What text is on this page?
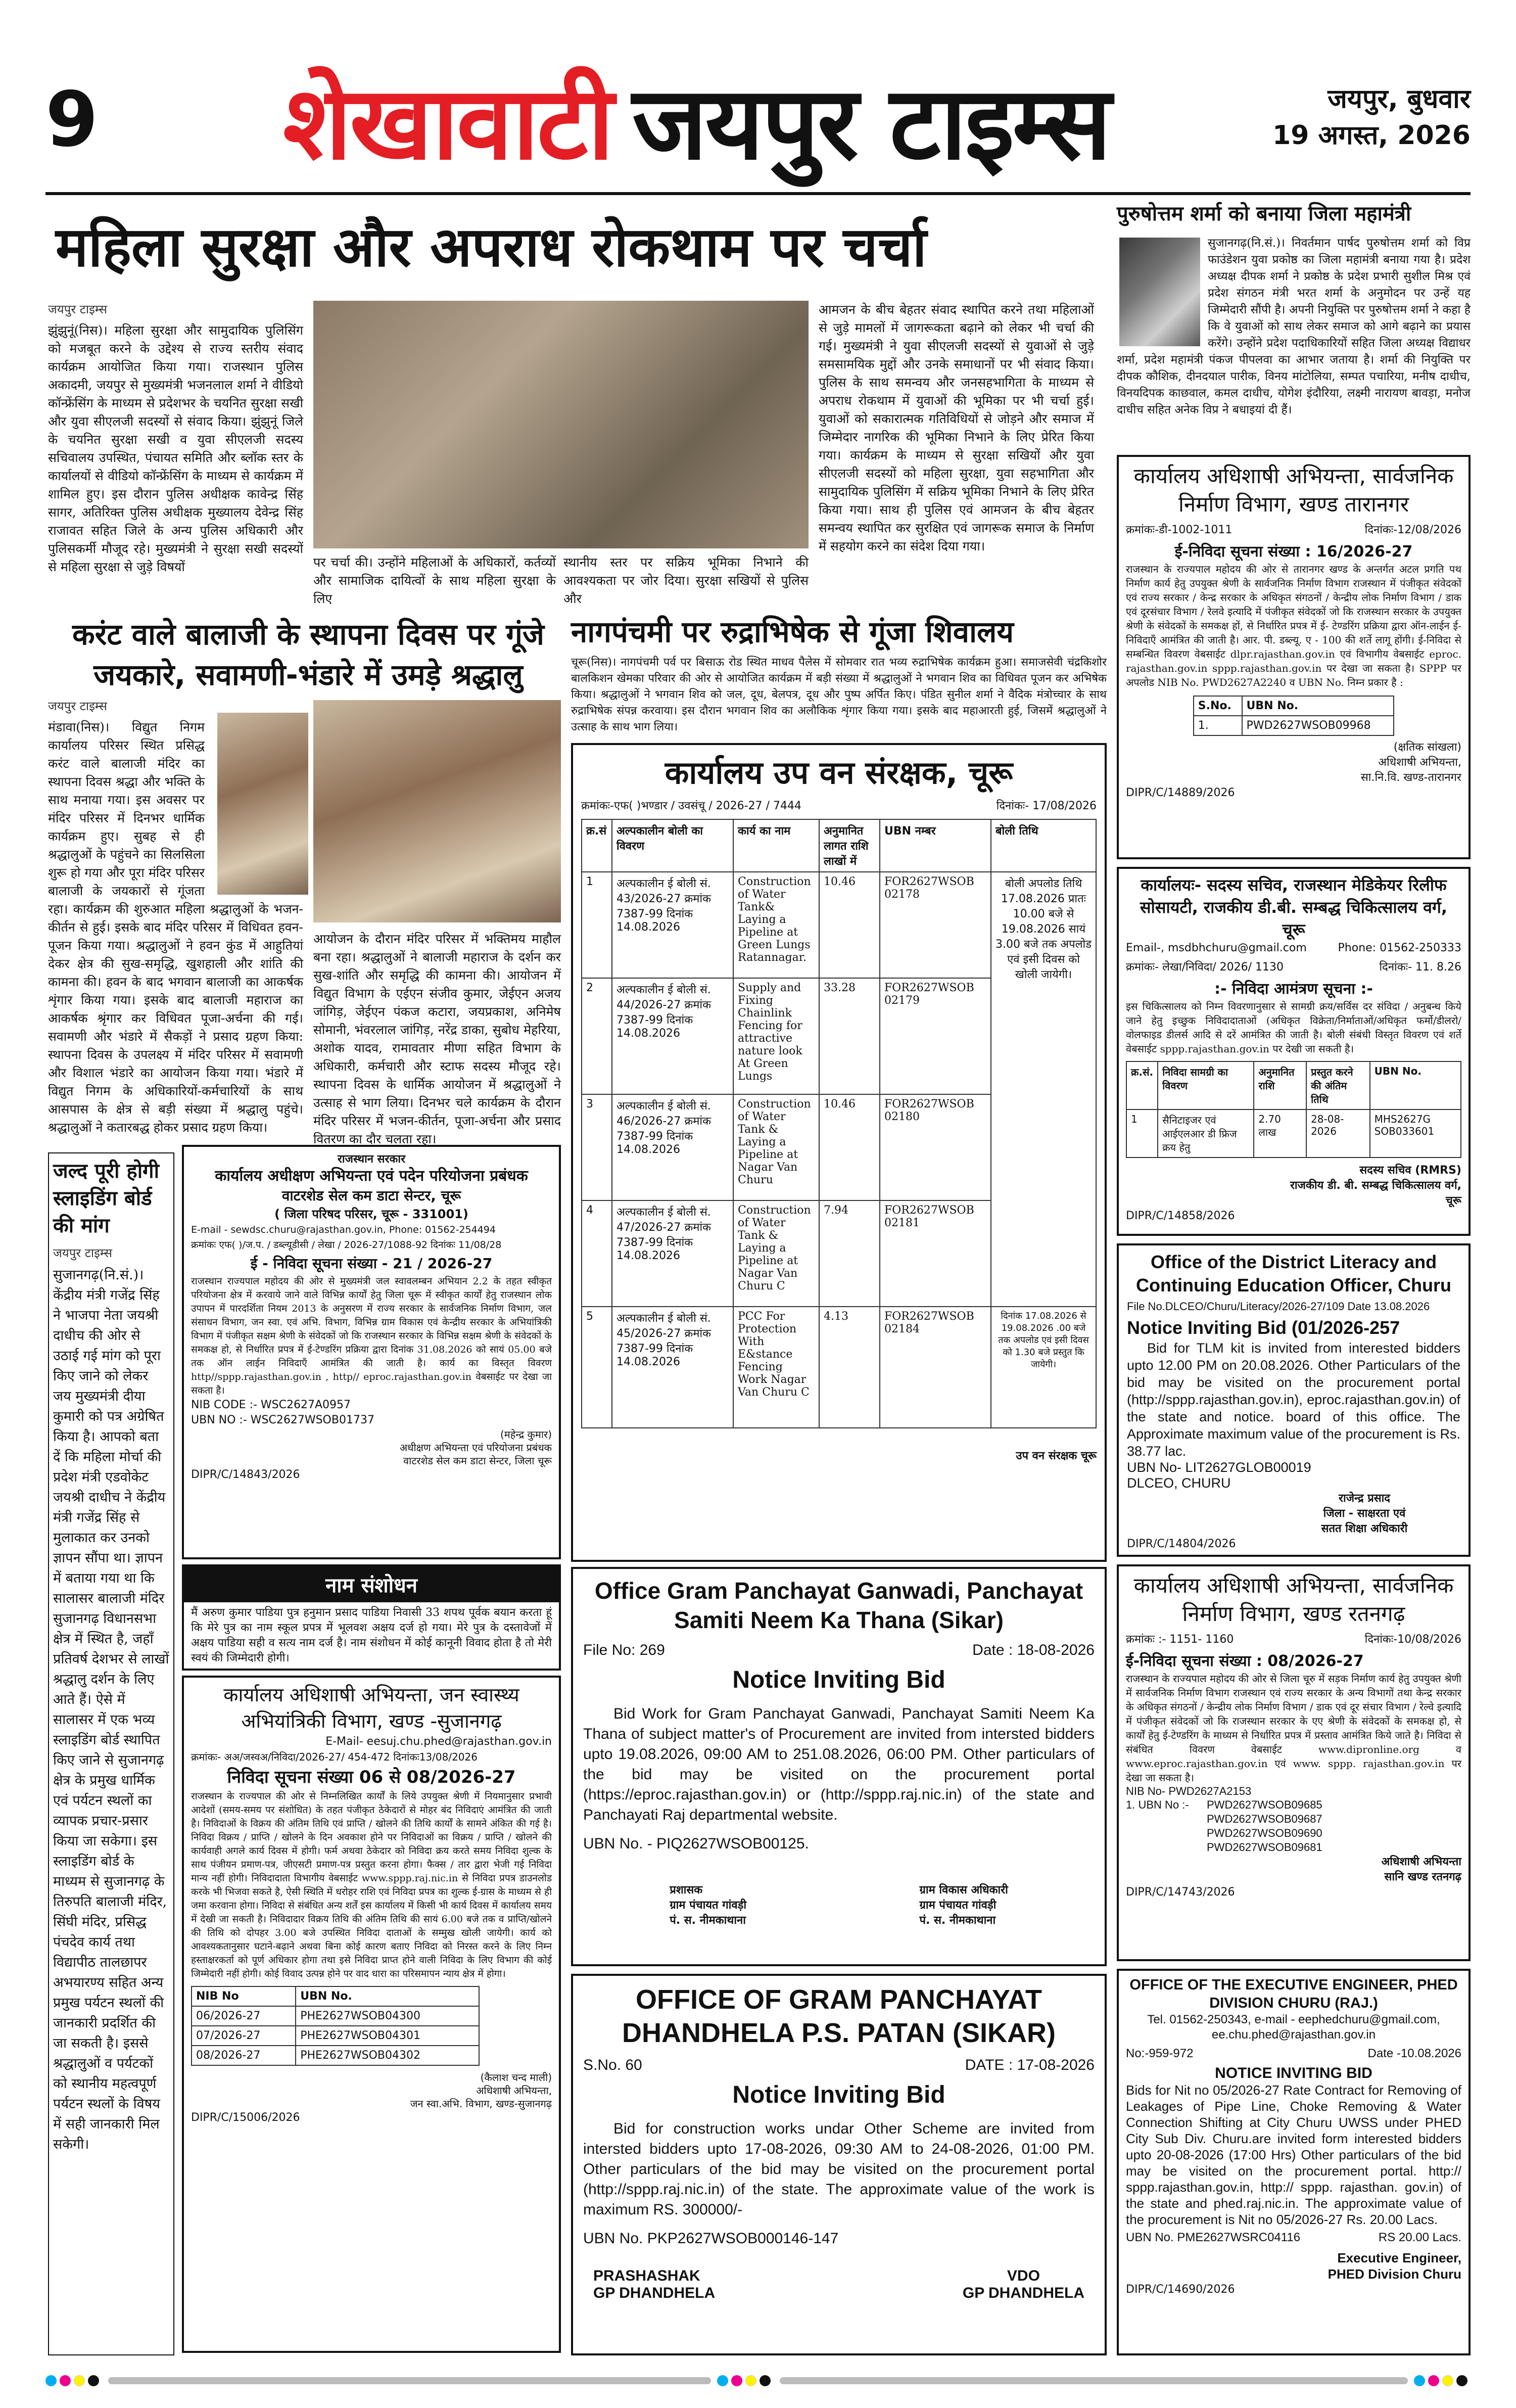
9 शेखावाटी जयपुर टाइम्स	जयपुर, बुधवार
19 अगस्त, 2026
महिला सुरक्षा और अपराध रोकथाम पर चर्चा
जयपुर टाइम्स
झुंझुनूं(निस)। महिला सुरक्षा और सामुदायिक पुलिसिंग को मजबूत करने के उद्देश्य से राज्य स्तरीय संवाद कार्यक्रम आयोजित किया गया। राजस्थान पुलिस अकादमी, जयपुर से मुख्यमंत्री भजनलाल शर्मा ने वीडियो कॉन्फ्रेंसिंग के माध्यम से प्रदेशभर के चयनित सुरक्षा सखी और युवा सीएलजी सदस्यों से संवाद किया। झुंझुनूं जिले के चयनित सुरक्षा सखी व युवा सीएलजी सदस्य सचिवालय उपस्थित, पंचायत समिति और ब्लॉक स्तर के कार्यालयों से वीडियो कॉन्फ्रेंसिंग के माध्यम से कार्यक्रम में शामिल हुए। इस दौरान पुलिस अधीक्षक कावेन्द्र सिंह सागर, अतिरिक्त पुलिस अधीक्षक मुख्यालय देवेन्द्र सिंह राजावत सहित जिले के अन्य पुलिस अधिकारी और पुलिसकर्मी मौजूद रहे। मुख्यमंत्री ने सुरक्षा सखी सदस्यों से महिला सुरक्षा से जुड़े विषयों	पर चर्चा की। उन्होंने महिलाओं के अधिकारों, कर्तव्यों और सामाजिक दायित्वों के साथ महिला सुरक्षा के लिए
स्थानीय स्तर पर सक्रिय भूमिका निभाने की आवश्यकता पर जोर दिया। सुरक्षा सखियों से पुलिस और
आमजन के बीच बेहतर संवाद स्थापित करने तथा महिलाओं से जुड़े मामलों में जागरूकता बढ़ाने को लेकर भी चर्चा की गई। मुख्यमंत्री ने युवा सीएलजी सदस्यों से युवाओं से जुड़े समसामयिक मुद्दों और उनके समाधानों पर भी संवाद किया। पुलिस के साथ समन्वय और जनसहभागिता के माध्यम से अपराध रोकथाम में युवाओं की भूमिका पर भी चर्चा हुई। युवाओं को सकारात्मक गतिविधियों से जोड़ने और समाज में जिम्मेदार नागरिक की भूमिका निभाने के लिए प्रेरित किया गया। कार्यक्रम के माध्यम से सुरक्षा सखियों और युवा सीएलजी सदस्यों को महिला सुरक्षा, युवा सहभागिता और सामुदायिक पुलिसिंग में सक्रिय भूमिका निभाने के लिए प्रेरित किया गया। साथ ही पुलिस एवं आमजन के बीच बेहतर समन्वय स्थापित कर सुरक्षित एवं जागरूक समाज के निर्माण में सहयोग करने का संदेश दिया गया।
पुरुषोत्तम शर्मा को बनाया जिला महामंत्री
सुजानगढ़(नि.सं.)। निवर्तमान पार्षद पुरुषोत्तम शर्मा को विप्र फाउंडेशन युवा प्रकोष्ठ का जिला महामंत्री बनाया गया है। प्रदेश अध्यक्ष दीपक शर्मा ने प्रकोष्ठ के प्रदेश प्रभारी सुशील मिश्र एवं प्रदेश संगठन मंत्री भरत शर्मा के अनुमोदन पर उन्हें यह जिम्मेदारी सौंपी है। अपनी नियुक्ति पर पुरुषोत्तम शर्मा ने कहा है कि वे युवाओं को साथ लेकर समाज को आगे बढ़ाने का प्रयास करेंगे। उन्होंने प्रदेश पदाधिकारियों सहित जिला अध्यक्ष विद्याधर शर्मा, प्रदेश महामंत्री पंकज पीपलवा का आभार जताया है। शर्मा की नियुक्ति पर दीपक कौशिक, दीनदयाल पारीक, विनय मांटोलिया, सम्पत पचारिया, मनीष दाधीच, विनयदिपक काछवाल, कमल दाधीच, योगेश इंदौरिया, लक्ष्मी नारायण बावड़ा, मनोज दाधीच सहित अनेक विप्र ने बधाइयां दी हैं।
करंट वाले बालाजी के स्थापना दिवस पर गूंजे जयकारे, सवामणी-भंडारे में उमड़े श्रद्धालु
जयपुर टाइम्स
मंडावा(निस)। विद्युत निगम कार्यालय परिसर स्थित प्रसिद्ध करंट वाले बालाजी मंदिर का स्थापना दिवस श्रद्धा और भक्ति के साथ मनाया गया। इस अवसर पर मंदिर परिसर में दिनभर धार्मिक कार्यक्रम हुए। सुबह से ही श्रद्धालुओं के पहुंचने का सिलसिला शुरू हो गया और पूरा मंदिर परिसर बालाजी के जयकारों से गूंजता रहा। कार्यक्रम की शुरुआत महिला श्रद्धालुओं के भजन-कीर्तन से हुई। इसके बाद मंदिर परिसर में विधिवत हवन-पूजन किया गया। श्रद्धालुओं ने हवन कुंड में आहुतियां देकर क्षेत्र की सुख-समृद्धि, खुशहाली और शांति की कामना की। हवन के बाद भगवान बालाजी का आकर्षक शृंगार किया गया। इसके बाद बालाजी महाराज का आकर्षक श्रृंगार कर विधिवत पूजा-अर्चना की गई। सवामणी और भंडारे में सैकड़ों ने प्रसाद ग्रहण किया: स्थापना दिवस के उपलक्ष्य में मंदिर परिसर में सवामणी और विशाल भंडारे का आयोजन किया गया। भंडारे में विद्युत निगम के अधिकारियों-कर्मचारियों के साथ आसपास के क्षेत्र से बड़ी संख्या में श्रद्धालु पहुंचे। श्रद्धालुओं ने कतारबद्ध होकर प्रसाद ग्रहण किया।
आयोजन के दौरान मंदिर परिसर में भक्तिमय माहौल बना रहा। श्रद्धालुओं ने बालाजी महाराज के दर्शन कर सुख-शांति और समृद्धि की कामना की। आयोजन में विद्युत विभाग के एईएन संजीव कुमार, जेईएन अजय जांगिड़, जेईएन पंकज कटारा, जयप्रकाश, अनिमेष सोमानी, भंवरलाल जांगिड़, नरेंद्र डाका, सुबोध मेहरिया, अशोक यादव, रामावतार मीणा सहित विभाग के अधिकारी, कर्मचारी और स्टाफ सदस्य मौजूद रहे। स्थापना दिवस के धार्मिक आयोजन में श्रद्धालुओं ने उत्साह से भाग लिया। दिनभर चले कार्यक्रम के दौरान मंदिर परिसर में भजन-कीर्तन, पूजा-अर्चना और प्रसाद वितरण का दौर चलता रहा।
नागपंचमी पर रुद्राभिषेक से गूंजा शिवालय
चूरू(निस)। नागपंचमी पर्व पर बिसाऊ रोड स्थित माधव पैलेस में सोमवार रात भव्य रुद्राभिषेक कार्यक्रम हुआ। समाजसेवी चंद्रकिशोर बालकिशन खेमका परिवार की ओर से आयोजित कार्यक्रम में बड़ी संख्या में श्रद्धालुओं ने भगवान शिव का विधिवत पूजन कर अभिषेक किया। श्रद्धालुओं ने भगवान शिव को जल, दूध, बेलपत्र, दूध और पुष्प अर्पित किए। पंडित सुनील शर्मा ने वैदिक मंत्रोच्चार के साथ रुद्राभिषेक संपन्न करवाया। इस दौरान भगवान शिव का अलौकिक शृंगार किया गया। इसके बाद महाआरती हुई, जिसमें श्रद्धालुओं ने उत्साह के साथ भाग लिया।
कार्यालय उप वन संरक्षक, चूरू
क्रमांकः-एफ( )भण्डार / उवसंचू / 2026-27 / 7444	दिनांकः- 17/08/2026
क्र.सं	अल्पकालीन बोली का विवरण	कार्य का नाम	अनुमानित लागत राशि लाखों में	UBN नम्बर	बोली तिथि
1	अल्पकालीन ई बोली सं. 43/2026-27 क्रमांक 7387-99 दिनांक 14.08.2026	Construction of Water Tank& Laying a Pipeline at Green Lungs Ratannagar.	10.46	FOR2627WSOB 02178	बोली अपलोड तिथि 17.08.2026 प्रातः 10.00 बजे से 19.08.2026 सायं 3.00 बजे तक अपलोड एवं इसी दिवस को खोली जायेगी।
2	अल्पकालीन ई बोली सं. 44/2026-27 क्रमांक 7387-99 दिनांक 14.08.2026	Supply and Fixing Chainlink Fencing for attractive nature look At Green Lungs	33.28	FOR2627WSOB 02179	
3	अल्पकालीन ई बोली सं. 46/2026-27 क्रमांक 7387-99 दिनांक 14.08.2026	Construction of Water Tank & Laying a Pipeline at Nagar Van Churu	10.46	FOR2627WSOB 02180	
4	अल्पकालीन ई बोली सं. 47/2026-27 क्रमांक 7387-99 दिनांक 14.08.2026	Construction of Water Tank & Laying a Pipeline at Nagar Van Churu C	7.94	FOR2627WSOB 02181	
5	अल्पकालीन ई बोली सं. 45/2026-27 क्रमांक 7387-99 दिनांक 14.08.2026	PCC For Protection With E&stance Fencing Work Nagar Van Churu C	4.13	FOR2627WSOB 02184	दिनांक 17.08.2026 से 19.08.2026 .00 बजे तक अपलोड एवं इसी दिवस को 1.30 बजे प्रस्तुत कि जायेगी।
उप वन संरक्षक चूरू
कार्यालय अधिशाषी अभियन्ता, सार्वजनिक निर्माण विभाग, खण्ड तारानगर
क्रमांकः-डी-1002-1011	दिनांकः-12/08/2026
ई-निविदा सूचना संख्या : 16/2026-27
राजस्थान के राज्यपाल महोदय की ओर से तारानगर खण्ड के अन्तर्गत अटल प्रगति पथ निर्माण कार्य हेतु उपयुक्त श्रेणी के सार्वजनिक निर्माण विभाग राजस्थान में पंजीकृत संवेदकों एवं राज्य सरकार / केन्द्र सरकार के अधिकृत संगठनों / केन्द्रीय लोक निर्माण विभाग / डाक एवं दूरसंचार विभाग / रेलवे इत्यादि में पंजीकृत संवेदकों जो कि राजस्थान सरकार के उपयुक्त श्रेणी के संवेदकों के समकक्ष हों, से निर्धारित प्रपत्र में ई- टेण्डरिंग प्रक्रिया द्वारा ऑन-लाईन ई-निविदाएँ आमंत्रित की जाती है। आर. पी. डब्ल्यू. ए - 100 की शर्ते लागू होंगी। ई-निविदा से सम्बन्धित विवरण वेबसाईट dlpr.rajasthan.gov.in एवं विभागीय वेबसाईट eproc. rajasthan.gov.in sppp.rajasthan.gov.in पर देखा जा सकता है। SPPP पर अपलोड NIB No. PWD2627A2240 व UBN No. निम्न प्रकार है :
S.No.	UBN No.
1.	PWD2627WSOB09968
(क्षतिक सांखला)
अधिशाषी अभियन्ता,
सा.नि.वि. खण्ड-तारानगर
DIPR/C/14889/2026
कार्यालयः- सदस्य सचिव, राजस्थान मेडिकेयर रिलीफ सोसायटी, राजकीय डी.बी. सम्बद्ध चिकित्सालय वर्ग, चूरू
Email-, msdbhchuru@gmail.com	Phone: 01562-250333
क्रमांकः- लेखा/निविदा/ 2026/ 1130	दिनांकः- 11. 8.26
:- निविदा आमंत्रण सूचना :-
इस चिकित्सालय को निम्न विवरणानुसार से सामग्री क्रय/सर्विस दर संविदा / अनुबन्ध किये जाने हेतु इच्छुक निविदादाताओं (अधिकृत विक्रेता/निर्माताओं/अधिकृत फर्मो/डीलरो/ वोलफाइड डीलर्स आदि से दरें आमंत्रित की जाती है। बोली संबंधी विस्तृत विवरण एवं शर्ते वेबसाईट sppp.rajasthan.gov.in पर देखी जा सकती है।
क्र.सं.	निविदा सामग्री का विवरण	अनुमानित राशि	प्रस्तुत करने की अंतिम तिथि	UBN No.
1	सैनिटाइजर एवं आईएलआर डी फ्रिज क्रय हेतु	2.70 लाख	28-08-2026	MHS2627G SOB033601
सदस्य सचिव (RMRS)
राजकीय डी. बी. सम्बद्ध चिकित्सालय वर्ग,
चूरू
DIPR/C/14858/2026
जल्द पूरी होगी स्लाइडिंग बोर्ड की मांग
जयपुर टाइम्स
सुजानगढ़(नि.सं.)। केंद्रीय मंत्री गजेंद्र सिंह ने भाजपा नेता जयश्री दाधीच की ओर से उठाई गई मांग को पूरा किए जाने को लेकर जय मुख्यमंत्री दीया कुमारी को पत्र अग्रेषित किया है। आपको बता दें कि महिला मोर्चा की प्रदेश मंत्री एडवोकेट जयश्री दाधीच ने केंद्रीय मंत्री गजेंद्र सिंह से मुलाकात कर उनको ज्ञापन सौंपा था। ज्ञापन में बताया गया था कि सालासर बालाजी मंदिर सुजानगढ़ विधानसभा क्षेत्र में स्थित है, जहाँ प्रतिवर्ष देशभर से लाखों श्रद्धालु दर्शन के लिए आते हैं। ऐसे में सालासर में एक भव्य स्लाइडिंग बोर्ड स्थापित किए जाने से सुजानगढ़ क्षेत्र के प्रमुख धार्मिक एवं पर्यटन स्थलों का व्यापक प्रचार-प्रसार किया जा सकेगा। इस स्लाइडिंग बोर्ड के माध्यम से सुजानगढ़ के तिरुपति बालाजी मंदिर, सिंघी मंदिर, प्रसिद्ध पंचदेव कार्य तथा विद्यापीठ तालछापर अभयारण्य सहित अन्य प्रमुख पर्यटन स्थलों की जानकारी प्रदर्शित की जा सकती है। इससे श्रद्धालुओं व पर्यटकों को स्थानीय महत्वपूर्ण पर्यटन स्थलों के विषय में सही जानकारी मिल सकेगी।
राजस्थान सरकार
कार्यालय अधीक्षण अभियन्ता एवं पदेन परियोजना प्रबंधक
वाटरशेड सेल कम डाटा सेन्टर, चूरू
( जिला परिषद परिसर, चूरू - 331001)
E-mail - sewdsc.churu@rajasthan.gov.in, Phone: 01562-254494
क्रमांकः एफ( )/ज.प. / डब्ल्यूडीसी / लेखा / 2026-27/1088-92 दिनांकः 11/08/28
ई - निविदा सूचना संख्या - 21 / 2026-27
राजस्थान राज्यपाल महोदय की ओर से मुख्यमंत्री जल स्वावलम्बन अभियान 2.2 के तहत स्वीकृत परियोजना क्षेत्र में करवाये जाने वाले विभिन्न कार्यों हेतु जिला चूरू में स्वीकृत कार्यों हेतु राजस्थान लोक उपापन में पारदर्शिता नियम 2013 के अनुसरण में राज्य सरकार के सार्वजनिक निर्माण विभाग, जल संसाधन विभाग, जन स्वा. एवं अभि. विभाग, विभिन्न ग्राम विकास एवं केन्द्रीय सरकार के अभियांत्रिकी विभाग में पंजीकृत सक्षम श्रेणी के संवेदकों जो कि राजस्थान सरकार के विभिन्न सक्षम श्रेणी के संवेदकों के समकक्ष हो, से निर्धारित प्रपत्र में ई-टेण्डरिंग प्रक्रिया द्वारा दिनांक 31.08.2026 को सायं 05.00 बजे तक ऑन लाईन निविदाएँ आमंत्रित की जाती है। कार्य का विस्तृत विवरण http//sppp.rajasthan.gov.in , http// eproc.rajasthan.gov.in वेबसाईट पर देखा जा सकता है।
NIB CODE :- WSC2627A0957
UBN NO :- WSC2627WSOB01737
(महेन्द्र कुमार)
अधीक्षण अभियन्ता एवं परियोजना प्रबंधक
वाटरशेड सेल कम डाटा सेन्टर, जिला चूरू
DIPR/C/14843/2026
नाम संशोधन
मैं अरुण कुमार पाडिया पुत्र हनुमान प्रसाद पाडिया निवासी 33 शपथ पूर्वक बयान करता हूं कि मेरे पुत्र का नाम स्कूल प्रपत्र में भूलवश अक्षय दर्ज हो गया। मेरे पुत्र के दस्तावेजों में अक्षय पाडिया सही व सत्य नाम दर्ज है। नाम संशोधन में कोई कानूनी विवाद होता है तो मेरी स्वयं की जिम्मेदारी होगी।
कार्यालय अधिशाषी अभियन्ता, जन स्वास्थ्य अभियांत्रिकी विभाग, खण्ड -सुजानगढ़
E-Mail- eesuj.chu.phed@rajasthan.gov.in
क्रमांकः- अअ/जस्वअ/निविदा/2026-27/ 454-472 दिनांकः13/08/2026
निविदा सूचना संख्या 06 से 08/2026-27
राजस्थान के राज्यपाल की ओर से निम्नलिखित कार्यों के लिये उपयुक्त श्रेणी में नियमानुसार प्रभावी आदेशों (समय-समय पर संशोधित) के तहत पंजीकृत ठेकेदारों से मोहर बंद निविदाएं आमंत्रित की जाती है। निविदाओं के विक्रय की अंतिम तिथि एवं प्राप्ति / खोलने की तिथि कार्यों के सामने अंकित की गई है। निविदा विक्रय / प्राप्ति / खोलने के दिन अवकाश होने पर निविदाओं का विक्रय / प्राप्ति / खोलने की कार्यवाही अगले कार्य दिवस में होगी। फर्म अथवा ठेकेदार को निविदा क्रय करते समय निविदा शुल्क के साथ पंजीयन प्रमाण-पत्र, जीएसटी प्रमाण-पत्र प्रस्तुत करना होगा। फैक्स / तार द्वारा भेजी गई निविदा मान्य नहीं होगी। निविदादाता विभागीय वेबसाईट www.sppp.raj.nic.in से निविदा प्रपत्र डाउनलोड करके भी भिजवा सकते है, ऐसी स्थिति में धरोहर राशि एवं निविदा प्रपत्र का शुल्क ई-ग्रास के माध्यम से ही जमा करवाना होगा। निविदा से संबंधित अन्य शर्तें इस कार्यालय में किसी भी कार्य दिवस में कार्यालय समय में देखी जा सकती है। निविदादार विक्रय तिथि की अंतिम तिथि की सायं 6.00 बजे तक व प्राप्ति/खोलने की तिथि को दोपहर 3.00 बजे उपस्थित निविदा दाताओं के सम्मुख खोली जायेगी। कार्य को आवश्यकतानुसार घटाने-बढ़ाने अथवा बिना कोई कारण बताए निविदा को निरस्त करने के लिए निम्न हस्ताक्षरकर्ता को पूर्ण अधिकार होगा तथा इसे निविदा प्राप्त होने वाली निविदा के लिए विभाग की कोई जिम्मेदारी नहीं होगी। कोई विवाद उत्पन्न होने पर वाद धारा का परिसमापन न्याय क्षेत्र में होगा।
NIB No	UBN No.
06/2026-27	PHE2627WSOB04300
07/2026-27	PHE2627WSOB04301
08/2026-27	PHE2627WSOB04302
(कैलाश चन्द माली)
अधिशाषी अभियन्ता,
जन स्वा.अभि. विभाग, खण्ड-सुजानगढ़
DIPR/C/15006/2026
Office Gram Panchayat Ganwadi, Panchayat Samiti Neem Ka Thana (Sikar)
File No: 269	Date : 18-08-2026
Notice Inviting Bid
Bid Work for Gram Panchayat Ganwadi, Panchayat Samiti Neem Ka Thana of subject matter's of Procurement are invited from intersted bidders upto 19.08.2026, 09:00 AM to 251.08.2026, 06:00 PM. Other particulars of the bid may be visited on the procurement portal (https://eproc.rajasthan.gov.in) or (http://sppp.raj.nic.in) of the state and Panchayati Raj departmental website.
UBN No. - PIQ2627WSOB00125.
प्रशासक
ग्राम पंचायत गांवड़ी
पं. स. नीमकाथाना
ग्राम विकास अधिकारी
ग्राम पंचायत गांवड़ी
पं. स. नीमकाथाना
OFFICE OF GRAM PANCHAYAT DHANDHELA P.S. PATAN (SIKAR)
S.No. 60	DATE : 17-08-2026
Notice Inviting Bid
Bid for construction works undar Other Scheme are invited from intersted bidders upto 17-08-2026, 09:30 AM to 24-08-2026, 01:00 PM. Other particulars of the bid may be visited on the procurement portal (http://sppp.raj.nic.in) of the state. The approximate value of the work is maximum RS. 300000/-
UBN No. PKP2627WSOB000146-147
PRASHASHAK
GP DHANDHELA
VDO
GP DHANDHELA
Office of the District Literacy and Continuing Education Officer, Churu
File No.DLCEO/Churu/Literacy/2026-27/109 Date 13.08.2026
Notice Inviting Bid (01/2026-257
Bid for TLM kit is invited from interested bidders upto 12.00 PM on 20.08.2026. Other Particulars of the bid may be visited on the procurement portal (http://sppp.rajasthan.gov.in), eproc.rajasthan.gov.in) of the state and notice. board of this office. The Approximate maximum value of the procurement is Rs. 38.77 lac.
UBN No- LIT2627GLOB00019
DLCEO, CHURU
राजेन्द्र प्रसाद
जिला - साक्षरता एवं
सतत शिक्षा अधिकारी
DIPR/C/14804/2026
कार्यालय अधिशाषी अभियन्ता, सार्वजनिक निर्माण विभाग, खण्ड रतनगढ़
क्रमांकः :- 1151- 1160	दिनांकः-10/08/2026
ई-निविदा सूचना संख्या : 08/2026-27
राजस्थान के राज्यपाल महोदय की ओर से जिला चूरु में सड़क निर्माण कार्य हेतु उपयुक्त श्रेणी में सार्वजनिक निर्माण विभाग राजस्थान एवं राज्य सरकार के अन्य विभागों तथा केन्द्र सरकार के अधिकृत संगठनों / केन्द्रीय लोक निर्माण विभाग / डाक एवं दूर संचार विभाग / रेल्वे इत्यादि में पंजीकृत संवेदकों जो कि राजस्थान सरकार के एए श्रेणी के संवेदकों के समकक्ष हो, से कार्यों हेतु ई-टेण्डरिंग के माध्यम से निर्धारित प्रपत्र में प्रस्ताव आमंत्रित किये जाते है। निविदा से संबंधित विवरण वेबसाईट www.dipronline.org व www.eproc.rajasthan.gov.in एवं www. sppp. rajasthan.gov.in पर देखा जा सकता है।
NIB No- PWD2627A2153
1. UBN No :-	PWD2627WSOB09685
PWD2627WSOB09687
PWD2627WSOB09690
PWD2627WSOB09681
अधिशाषी अभियन्ता
सानि खण्ड रतनगढ़
DIPR/C/14743/2026
OFFICE OF THE EXECUTIVE ENGINEER, PHED DIVISION CHURU (RAJ.)
Tel. 01562-250343, e-mail - eephedchuru@gmail.com, ee.chu.phed@rajasthan.gov.in
No:-959-972	Date -10.08.2026
NOTICE INVITING BID
Bids for Nit no 05/2026-27 Rate Contract for Removing of Leakages of Pipe Line, Choke Removing & Water Connection Shifting at City Churu UWSS under PHED City Sub Div. Churu.are invited form interested bidders upto 20-08-2026 (17:00 Hrs) Other particulars of the bid may be visited on the procurement portal. http:// sppp.rajasthan.gov.in, http:// sppp. rajasthan. gov.in) of the state and phed.raj.nic.in. The approximate value of the procurement is Nit no 05/2026-27 Rs. 20.00 Lacs.
UBN No. PME2627WSRC04116	RS 20.00 Lacs.
Executive Engineer,
PHED Division Churu
DIPR/C/14690/2026
